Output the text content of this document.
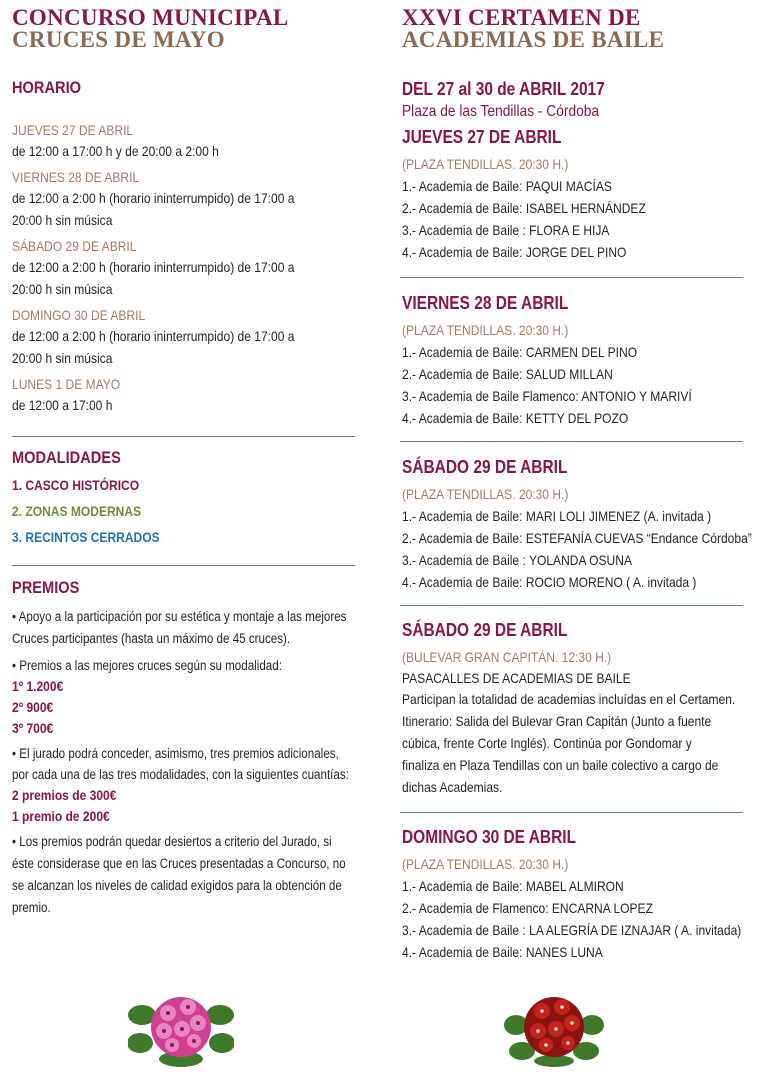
CONCURSO MUNICIPAL
CRUCES DE MAYO
HORARIO
JUEVES 27 DE ABRIL
de 12:00 a 17:00 h y de 20:00 a 2:00 h
VIERNES 28 DE ABRIL
de 12:00 a 2:00 h (horario ininterrumpido) de 17:00 a
20:00 h sin música
SÁBADO 29 DE ABRIL
de 12:00 a 2:00 h (horario ininterrumpido) de 17:00 a
20:00 h sin música
DOMINGO 30 DE ABRIL
de 12:00 a 2:00 h (horario ininterrumpido) de 17:00 a
20:00 h sin música
LUNES 1 DE MAYO
de 12:00 a 17:00 h
MODALIDADES
1. CASCO HISTÓRICO
2. ZONAS MODERNAS
3. RECINTOS CERRADOS
PREMIOS
• Apoyo a la participación por su estética y montaje a las mejores Cruces participantes (hasta un máximo de 45 cruces).
• Premios a las mejores cruces según su modalidad:
1º 1.200€
2º 900€
3º 700€
• El jurado podrá conceder, asimismo, tres premios adicionales, por cada una de las tres modalidades, con la siguientes cuantías:
2 premios de 300€
1 premio de 200€
• Los premios podrán quedar desiertos a criterio del Jurado, si éste considerase que en las Cruces presentadas a Concurso, no se alcanzan los niveles de calidad exigidos para la obtención de premio.
XXVI CERTAMEN DE
ACADEMIAS DE BAILE
DEL 27 al 30 de ABRIL 2017
Plaza de las Tendillas - Córdoba
JUEVES 27 DE ABRIL
(PLAZA TENDILLAS. 20:30 H.)
1.- Academia de Baile: PAQUI MACÍAS
2.- Academia de Baile: ISABEL HERNÁNDEZ
3.- Academia de Baile : FLORA E HIJA
4.- Academia de Baile: JORGE DEL PINO
VIERNES 28 DE ABRIL
(PLAZA TENDILLAS. 20:30 H.)
1.- Academia de Baile: CARMEN DEL PINO
2.- Academia de Baile: SALUD MILLAN
3.- Academia de Baile Flamenco: ANTONIO Y MARIVÍ
4.- Academia de Baile: KETTY DEL POZO
SÁBADO 29 DE ABRIL
(PLAZA TENDILLAS. 20:30 H.)
1.- Academia de Baile: MARI LOLI JIMENEZ (A. invitada )
2.- Academia de Baile: ESTEFANÍA CUEVAS “Endance Córdoba”
3.- Academia de Baile : YOLANDA OSUNA
4.- Academia de Baile: ROCIO MORENO ( A. invitada )
SÁBADO 29 DE ABRIL
(BULEVAR GRAN CAPITÁN. 12:30 H.)
PASACALLES DE ACADEMIAS DE BAILE
Participan la totalidad de academias incluídas en el Certamen.
Itinerario: Salida del Bulevar Gran Capitán (Junto a fuente
cúbica, frente Corte Inglés). Continúa por Gondomar y
finaliza en Plaza Tendillas con un baile colectivo a cargo de
dichas Academias.
DOMINGO 30 DE ABRIL
(PLAZA TENDILLAS. 20:30 H.)
1.- Academia de Baile: MABEL ALMIRON
2.- Academia de Flamenco: ENCARNA LOPEZ
3.- Academia de Baile : LA ALEGRÍA DE IZNAJAR ( A. invitada)
4.- Academia de Baile: NANES LUNA
